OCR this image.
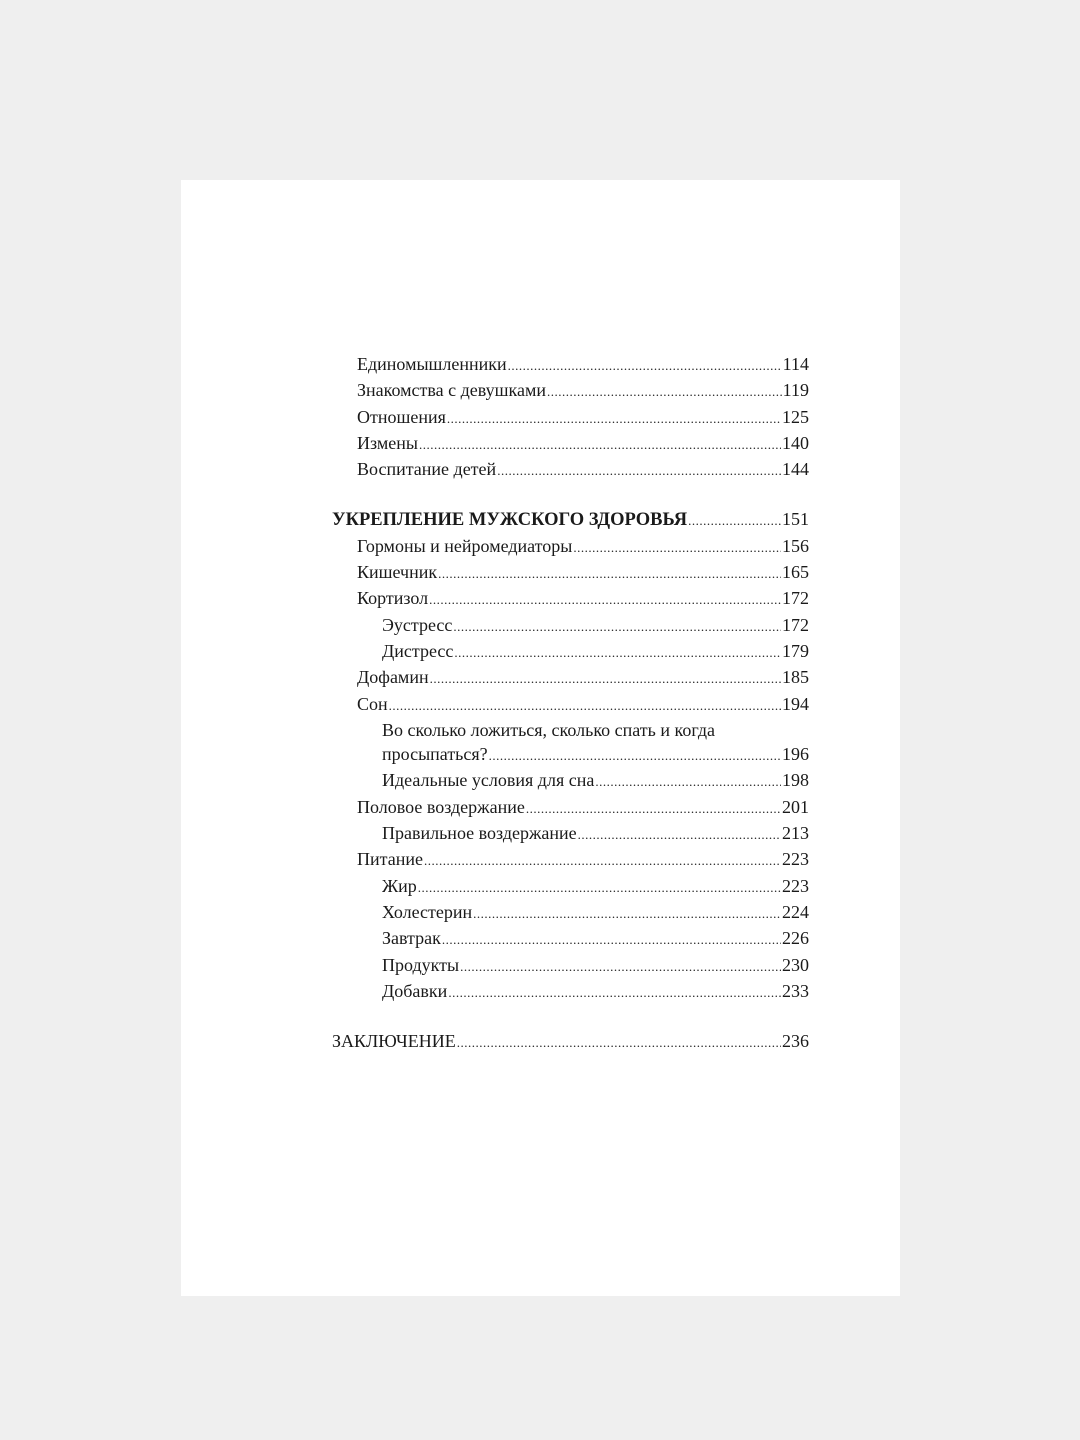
Единомышленники .....	114
Знакомства с девушками .....	119
Отношения .....	125
Измены .....	140
Воспитание детей .....	144
УКРЕПЛЕНИЕ МУЖСКОГО ЗДОРОВЬЯ .....	151
Гормоны и нейромедиаторы .....	156
Кишечник .....	165
Кортизол .....	172
Эустресс .....	172
Дистресс .....	179
Дофамин .....	185
Сон .....	194
Во сколько ложиться, сколько спать и когда
просыпаться? .....	196
Идеальные условия для сна .....	198
Половое воздержание .....	201
Правильное воздержание .....	213
Питание .....	223
Жир .....	223
Холестерин .....	224
Завтрак .....	226
Продукты .....	230
Добавки .....	233
ЗАКЛЮЧЕНИЕ .....	236
